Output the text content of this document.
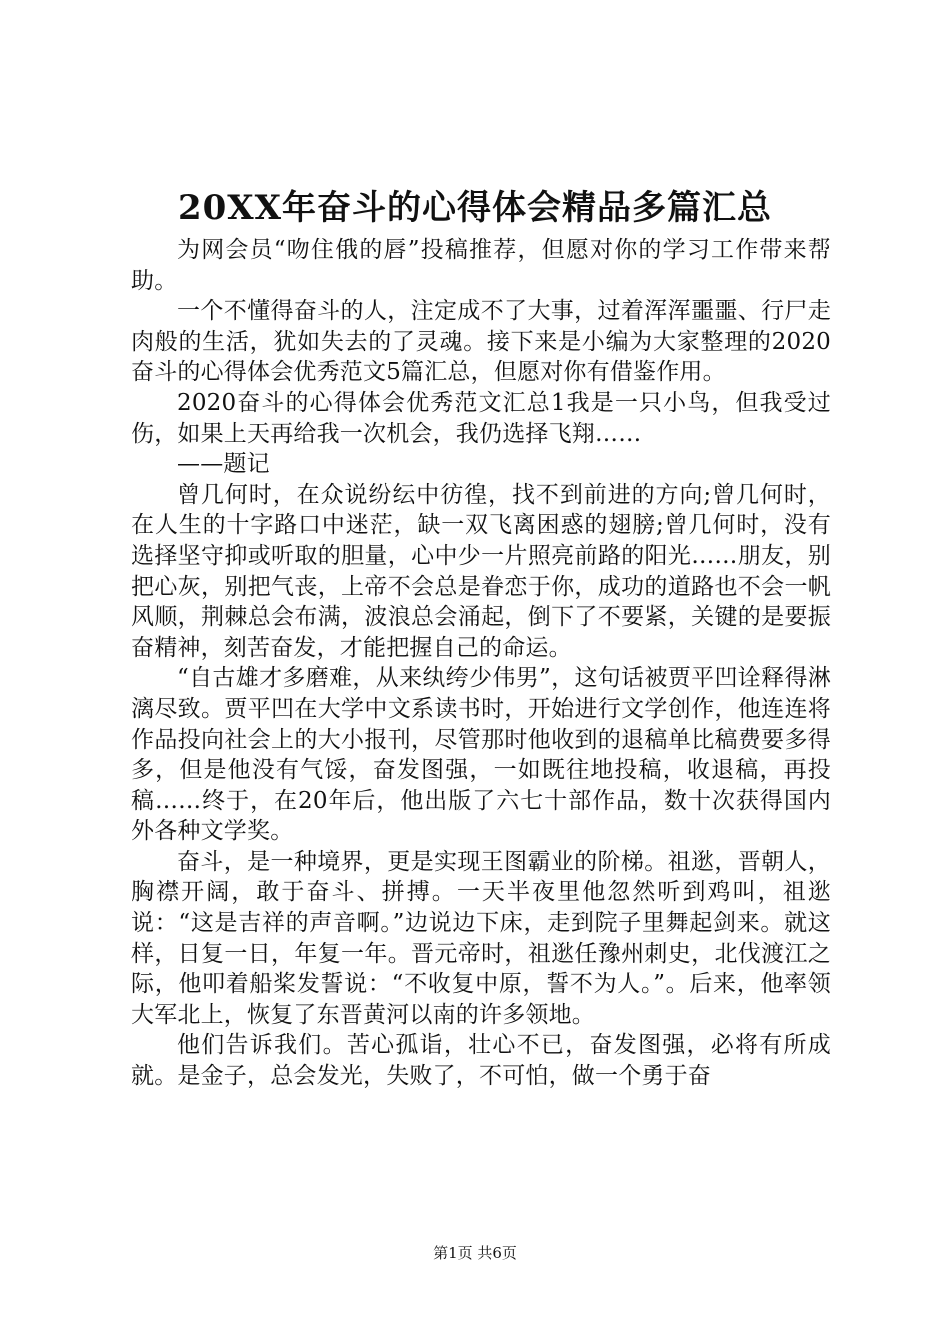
20XX年奋斗的心得体会精品多篇汇总

为网会员“吻住俄的唇”投稿推荐，但愿对你的学习工作带来帮助。

一个不懂得奋斗的人，注定成不了大事，过着浑浑噩噩、行尸走肉般的生活，犹如失去的了灵魂。接下来是小编为大家整理的2020奋斗的心得体会优秀范文5篇汇总，但愿对你有借鉴作用。

2020奋斗的心得体会优秀范文汇总1我是一只小鸟，但我受过伤，如果上天再给我一次机会，我仍选择飞翔……

——题记

曾几何时，在众说纷纭中彷徨，找不到前进的方向;曾几何时，在人生的十字路口中迷茫，缺一双飞离困惑的翅膀;曾几何时，没有选择坚守抑或听取的胆量，心中少一片照亮前路的阳光……朋友，别把心灰，别把气丧，上帝不会总是眷恋于你，成功的道路也不会一帆风顺，荆棘总会布满，波浪总会涌起，倒下了不要紧，关键的是要振奋精神，刻苦奋发，才能把握自己的命运。

“自古雄才多磨难，从来纨绔少伟男”，这句话被贾平凹诠释得淋漓尽致。贾平凹在大学中文系读书时，开始进行文学创作，他连连将作品投向社会上的大小报刊，尽管那时他收到的退稿单比稿费要多得多，但是他没有气馁，奋发图强，一如既往地投稿，收退稿，再投稿……终于，在20年后，他出版了六七十部作品，数十次获得国内外各种文学奖。

奋斗，是一种境界，更是实现王图霸业的阶梯。祖逖，晋朝人，胸襟开阔，敢于奋斗、拼搏。一天半夜里他忽然听到鸡叫，祖逖说：“这是吉祥的声音啊。”边说边下床，走到院子里舞起剑来。就这样，日复一日，年复一年。晋元帝时，祖逖任豫州刺史，北伐渡江之际，他叩着船桨发誓说：“不收复中原，誓不为人。”。后来，他率领大军北上，恢复了东晋黄河以南的许多领地。

他们告诉我们。苦心孤诣，壮心不已，奋发图强，必将有所成就。是金子，总会发光，失败了，不可怕，做一个勇于奋

第1页 共6页
